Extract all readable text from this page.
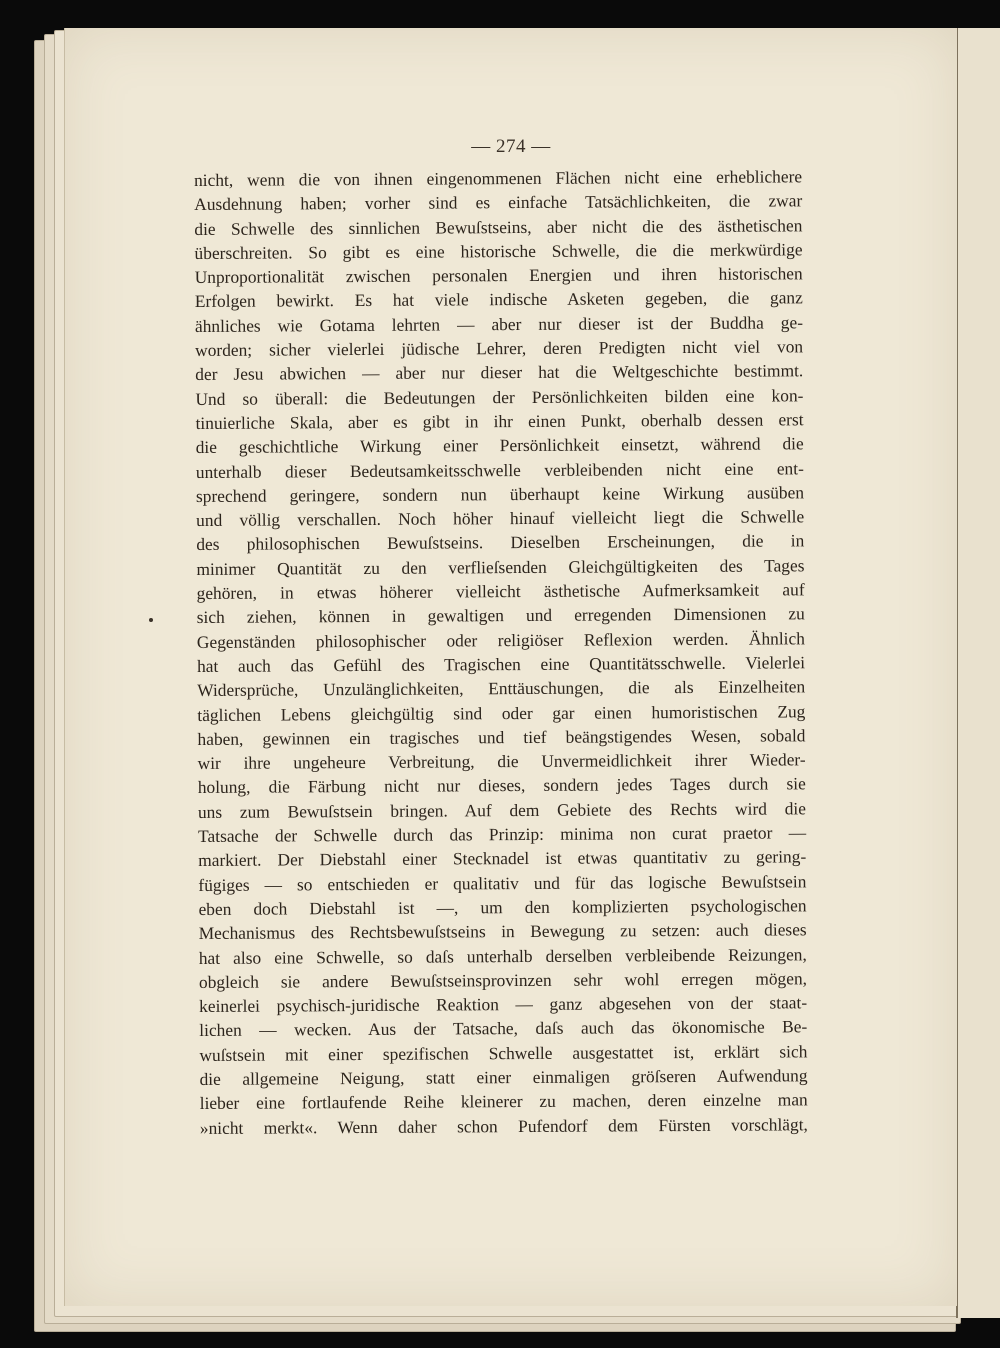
— 274 —
nicht, wenn die von ihnen eingenommenen Flächen nicht eine erheblichere
Ausdehnung haben; vorher sind es einfache Tatsächlichkeiten, die zwar
die Schwelle des sinnlichen Bewuſstseins, aber nicht die des ästhetischen
überschreiten. So gibt es eine historische Schwelle, die die merkwürdige
Unproportionalität zwischen personalen Energien und ihren historischen
Erfolgen bewirkt. Es hat viele indische Asketen gegeben, die ganz
ähnliches wie Gotama lehrten — aber nur dieser ist der Buddha ge-
worden; sicher vielerlei jüdische Lehrer, deren Predigten nicht viel von
der Jesu abwichen — aber nur dieser hat die Weltgeschichte bestimmt.
Und so überall: die Bedeutungen der Persönlichkeiten bilden eine kon-
tinuierliche Skala, aber es gibt in ihr einen Punkt, oberhalb dessen erst
die geschichtliche Wirkung einer Persönlichkeit einsetzt, während die
unterhalb dieser Bedeutsamkeitsschwelle verbleibenden nicht eine ent-
sprechend geringere, sondern nun überhaupt keine Wirkung ausüben
und völlig verschallen. Noch höher hinauf vielleicht liegt die Schwelle
des philosophischen Bewuſstseins. Dieselben Erscheinungen, die in
minimer Quantität zu den verflieſsenden Gleichgültigkeiten des Tages
gehören, in etwas höherer vielleicht ästhetische Aufmerksamkeit auf
sich ziehen, können in gewaltigen und erregenden Dimensionen zu
Gegenständen philosophischer oder religiöser Reflexion werden. Ähnlich
hat auch das Gefühl des Tragischen eine Quantitätsschwelle. Vielerlei
Widersprüche, Unzulänglichkeiten, Enttäuschungen, die als Einzelheiten
täglichen Lebens gleichgültig sind oder gar einen humoristischen Zug
haben, gewinnen ein tragisches und tief beängstigendes Wesen, sobald
wir ihre ungeheure Verbreitung, die Unvermeidlichkeit ihrer Wieder-
holung, die Färbung nicht nur dieses, sondern jedes Tages durch sie
uns zum Bewuſstsein bringen. Auf dem Gebiete des Rechts wird die
Tatsache der Schwelle durch das Prinzip: minima non curat praetor —
markiert. Der Diebstahl einer Stecknadel ist etwas quantitativ zu gering-
fügiges — so entschieden er qualitativ und für das logische Bewuſstsein
eben doch Diebstahl ist —, um den komplizierten psychologischen
Mechanismus des Rechtsbewuſstseins in Bewegung zu setzen: auch dieses
hat also eine Schwelle, so daſs unterhalb derselben verbleibende Reizungen,
obgleich sie andere Bewuſstseinsprovinzen sehr wohl erregen mögen,
keinerlei psychisch-juridische Reaktion — ganz abgesehen von der staat-
lichen — wecken. Aus der Tatsache, daſs auch das ökonomische Be-
wuſstsein mit einer spezifischen Schwelle ausgestattet ist, erklärt sich
die allgemeine Neigung, statt einer einmaligen gröſseren Aufwendung
lieber eine fortlaufende Reihe kleinerer zu machen, deren einzelne man
»nicht merkt«. Wenn daher schon Pufendorf dem Fürsten vorschlägt,
